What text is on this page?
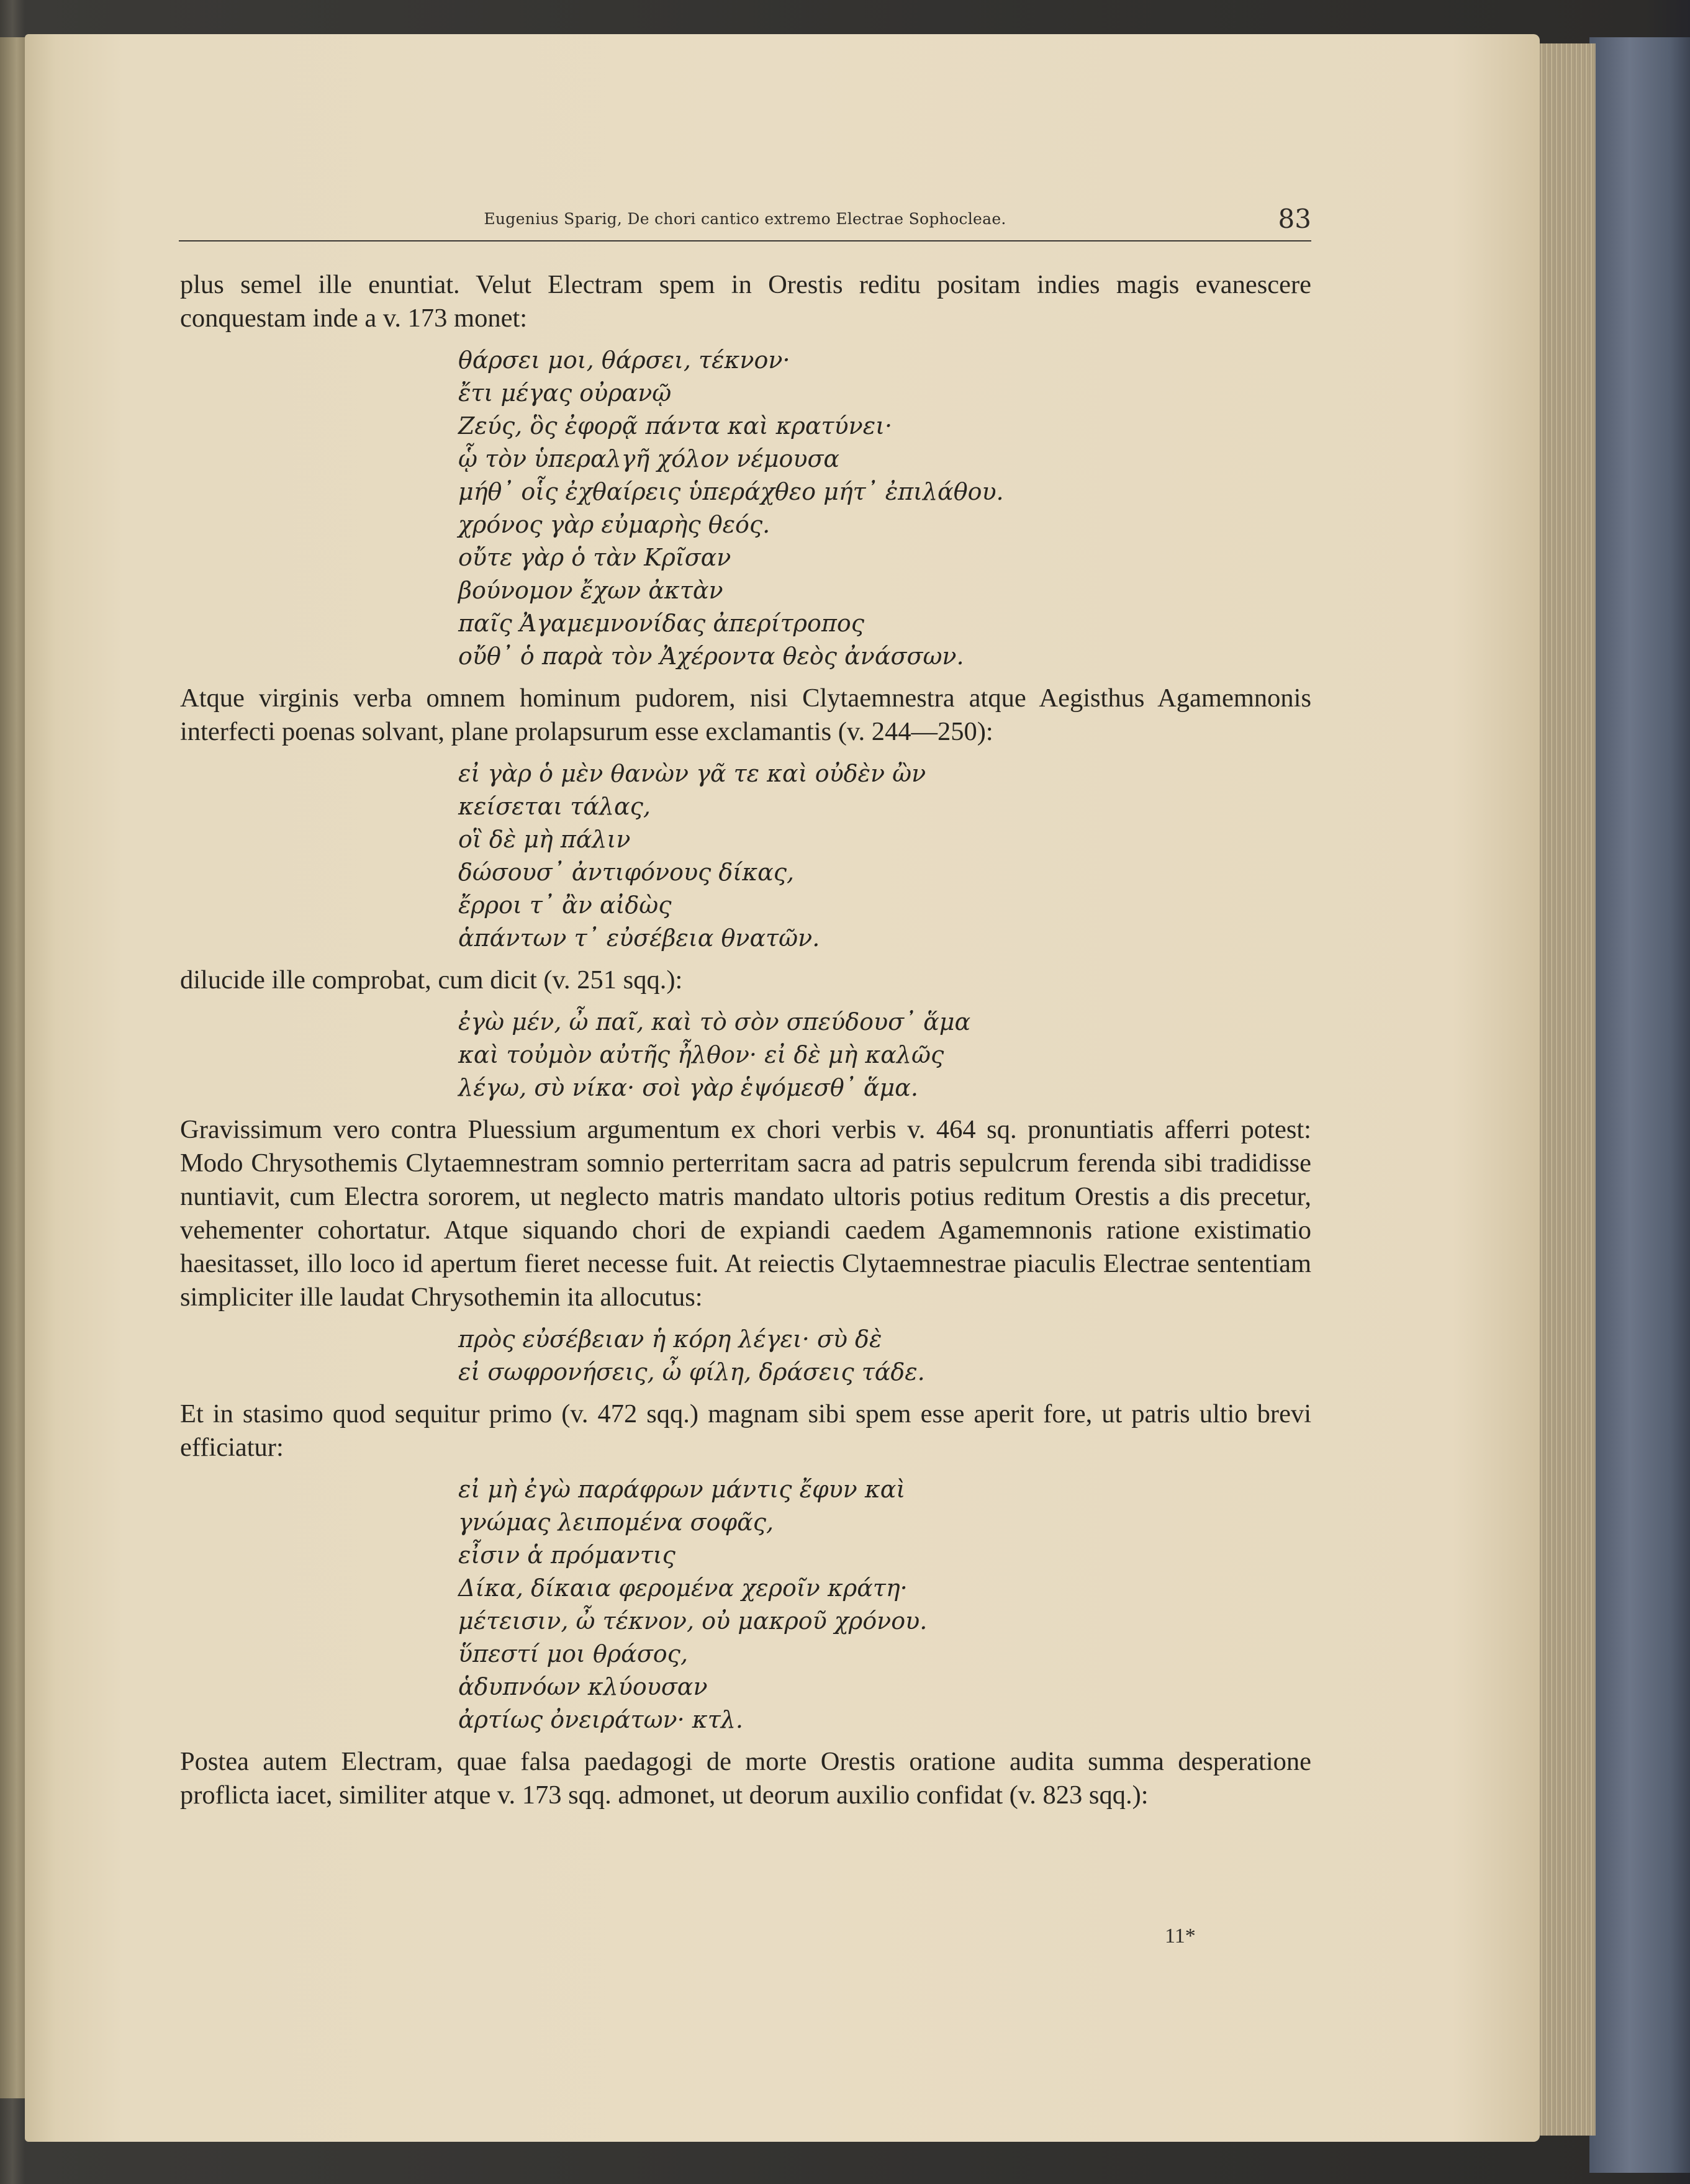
Eugenius Sparig, De chori cantico extremo Electrae Sophocleae.	83

plus semel ille enuntiat. Velut Electram spem in Orestis reditu positam indies magis evanescere conquestam inde a v. 173 monet:

θάρσει μοι, θάρσει, τέκνον·
ἔτι μέγας οὐρανῷ
Ζεύς, ὃς ἐφορᾷ πάντα καὶ κρατύνει·
ᾧ τὸν ὑπεραλγῆ χόλον νέμουσα
μήθ᾽ οἷς ἐχθαίρεις ὑπεράχθεο μήτ᾽ ἐπιλάθου.
χρόνος γὰρ εὐμαρὴς θεός.
οὔτε γὰρ ὁ τὰν Κρῖσαν
βούνομον ἔχων ἀκτὰν
παῖς Ἀγαμεμνονίδας ἀπερίτροπος
οὔθ᾽ ὁ παρὰ τὸν Ἀχέροντα θεὸς ἀνάσσων.

Atque virginis verba omnem hominum pudorem, nisi Clytaemnestra atque Aegisthus Agamemnonis interfecti poenas solvant, plane prolapsurum esse exclamantis (v. 244—250):

εἰ γὰρ ὁ μὲν θανὼν γᾶ τε καὶ οὐδὲν ὢν
κείσεται τάλας,
οἳ δὲ μὴ πάλιν
δώσουσ᾽ ἀντιφόνους δίκας,
ἔρροι τ᾽ ἂν αἰδὼς
ἁπάντων τ᾽ εὐσέβεια θνατῶν.

dilucide ille comprobat, cum dicit (v. 251 sqq.):

ἐγὼ μέν, ὦ παῖ, καὶ τὸ σὸν σπεύδουσ᾽ ἅμα
καὶ τοὐμὸν αὐτῆς ἦλθον· εἰ δὲ μὴ καλῶς
λέγω, σὺ νίκα· σοὶ γὰρ ἑψόμεσθ᾽ ἅμα.

Gravissimum vero contra Pluessium argumentum ex chori verbis v. 464 sq. pronuntiatis afferri potest: Modo Chrysothemis Clytaemnestram somnio perterritam sacra ad patris sepulcrum ferenda sibi tradidisse nuntiavit, cum Electra sororem, ut neglecto matris mandato ultoris potius reditum Orestis a dis precetur, vehementer cohortatur. Atque siquando chori de expiandi caedem Agamemnonis ratione existimatio haesitasset, illo loco id apertum fieret necesse fuit. At reiectis Clytaemnestrae piaculis Electrae sententiam simpliciter ille laudat Chrysothemin ita allocutus:

πρὸς εὐσέβειαν ἡ κόρη λέγει· σὺ δὲ
εἰ σωφρονήσεις, ὦ φίλη, δράσεις τάδε.

Et in stasimo quod sequitur primo (v. 472 sqq.) magnam sibi spem esse aperit fore, ut patris ultio brevi efficiatur:

εἰ μὴ ἐγὼ παράφρων μάντις ἔφυν καὶ
γνώμας λειπομένα σοφᾶς,
εἶσιν ἁ πρόμαντις
Δίκα, δίκαια φερομένα χεροῖν κράτη·
μέτεισιν, ὦ τέκνον, οὐ μακροῦ χρόνου.
ὕπεστί μοι θράσος,
ἁδυπνόων κλύουσαν
ἀρτίως ὀνειράτων· κτλ.

Postea autem Electram, quae falsa paedagogi de morte Orestis oratione audita summa desperatione proflicta iacet, similiter atque v. 173 sqq. admonet, ut deorum auxilio confidat (v. 823 sqq.):

11*
